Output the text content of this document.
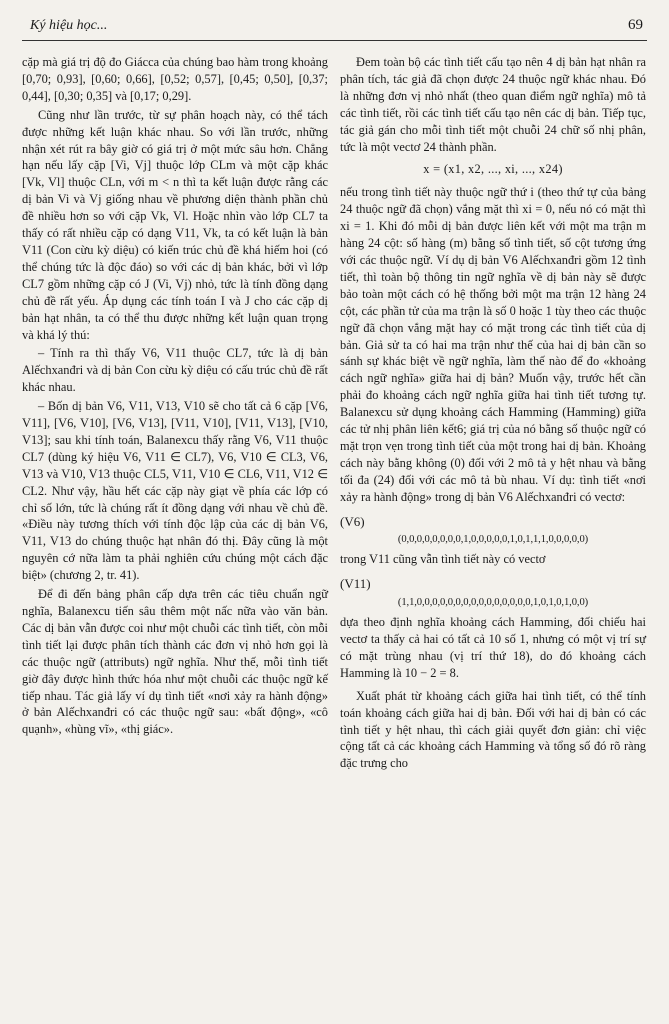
Ký hiệu học...	69

cặp mà giá trị độ đo Giácca của chúng bao hàm trong khoảng [0,70; 0,93], [0,60; 0,66], [0,52; 0,57], [0,45; 0,50], [0,37; 0,44], [0,30; 0,35] và [0,17; 0,29].

Cũng như lần trước, từ sự phân hoạch này, có thể tách được những kết luận khác nhau. So với lần trước, những nhận xét rút ra bây giờ có giá trị ở một mức sâu hơn. Chẳng hạn nếu lấy cặp [Vi, Vj] thuộc lớp CLm và một cặp khác [Vk, Vl] thuộc CLn, với m < n thì ta kết luận được rằng các dị bản Vi và Vj giống nhau về phương diện thành phần chủ đề nhiều hơn so với cặp Vk, Vl. Hoặc nhìn vào lớp CL7 ta thấy có rất nhiều cặp có dạng V11, Vk, ta có kết luận là bản V11 (Con cừu kỳ diệu) có kiến trúc chủ đề khá hiếm hoi (có thể chúng tức là độc đáo) so với các dị bản khác, bởi vì lớp CL7 gồm những cặp có J (Vi, Vj) nhỏ, tức là tính đồng dạng chủ đề rất yếu. Áp dụng các tính toán I và J cho các cặp dị bản hạt nhân, ta có thể thu được những kết luận quan trọng và khá lý thú:

– Tính ra thì thấy V6, V11 thuộc CL7, tức là dị bản Alếchxanđri và dị bản Con cừu kỳ diệu có cấu trúc chủ đề rất khác nhau.

– Bốn dị bản V6, V11, V13, V10 sẽ cho tất cả 6 cặp [V6, V11], [V6, V10], [V6, V13], [V11, V10], [V11, V13], [V10, V13]; sau khi tính toán, Balanexcu thấy rằng V6, V11 thuộc CL7 (dùng ký hiệu V6, V11 ∈ CL7), V6, V10 ∈ CL3, V6, V13 và V10, V13 thuộc CL5, V11, V10 ∈ CL6, V11, V12 ∈ CL2. Như vậy, hầu hết các cặp này giạt về phía các lớp có chỉ số lớn, tức là chúng rất ít đồng dạng với nhau về chủ đề. «Điều này tương thích với tính độc lập của các dị bản V6, V11, V13 do chúng thuộc hạt nhân đó thị. Đây cũng là một nguyên cớ nữa làm ta phải nghiên cứu chúng một cách đặc biệt» (chương 2, tr. 41).

Để đi đến bảng phân cấp dựa trên các tiêu chuẩn ngữ nghĩa, Balanexcu tiến sâu thêm một nấc nữa vào văn bản. Các dị bản vẫn được coi như một chuỗi các tình tiết, còn mỗi tình tiết lại được phân tích thành các đơn vị nhỏ hơn gọi là các thuộc ngữ (attributs) ngữ nghĩa. Như thế, mỗi tình tiết giờ đây được hình thức hóa như một chuỗi các thuộc ngữ kế tiếp nhau. Tác giả lấy ví dụ tình tiết «nơi xảy ra hành động» ở bản Alếchxanđri có các thuộc ngữ sau: «bất động», «cô quạnh», «hùng vĩ», «thị giác».

Đem toàn bộ các tình tiết cấu tạo nên 4 dị bản hạt nhân ra phân tích, tác giả đã chọn được 24 thuộc ngữ khác nhau. Đó là những đơn vị nhỏ nhất (theo quan điểm ngữ nghĩa) mô tả các tình tiết, rồi các tình tiết cấu tạo nên các dị bản. Tiếp tục, tác giả gán cho mỗi tình tiết một chuỗi 24 chữ số nhị phân, tức là một vectơ 24 thành phần.

x = (x1, x2, ..., xi, ..., x24)

nếu trong tình tiết này thuộc ngữ thứ i (theo thứ tự của bảng 24 thuộc ngữ đã chọn) vắng mặt thì xi = 0, nếu nó có mặt thì xi = 1. Khi đó mỗi dị bản được liên kết với một ma trận m hàng 24 cột: số hàng (m) bằng số tình tiết, số cột tương ứng với các thuộc ngữ. Ví dụ dị bản V6 Alếchxanđri gồm 12 tình tiết, thì toàn bộ thông tin ngữ nghĩa về dị bản này sẽ được bảo toàn một cách có hệ thống bởi một ma trận 12 hàng 24 cột, các phần tử của ma trận là số 0 hoặc 1 tùy theo các thuộc ngữ đã chọn vắng mặt hay có mặt trong các tình tiết của dị bản. Giả sử ta có hai ma trận như thế của hai dị bản cần so sánh sự khác biệt về ngữ nghĩa, làm thế nào để đo «khoảng cách ngữ nghĩa» giữa hai dị bản? Muốn vậy, trước hết cần phải đo khoảng cách ngữ nghĩa giữa hai tình tiết tương tự. Balanexcu sử dụng khoảng cách Hamming (Hamming) giữa các tử nhị phân liên kết6; giá trị của nó bằng số thuộc ngữ có mặt trọn vẹn trong tình tiết của một trong hai dị bản. Khoảng cách này bằng không (0) đối với 2 mô tả y hệt nhau và bằng tối đa (24) đối với các mô tả bù nhau. Ví dụ: tình tiết «nơi xảy ra hành động» trong dị bản V6 Alếchxanđri có vectơ:

(V6)

(0,0,0,0,0,0,0,0,1,0,0,0,0,0,1,0,1,1,1,0,0,0,0,0)

trong V11 cũng vẫn tình tiết này có vectơ

(V11)

(1,1,0,0,0,0,0,0,0,0,0,0,0,0,0,0,0,1,0,1,0,1,0,0)

dựa theo định nghĩa khoảng cách Hamming, đối chiếu hai vectơ ta thấy cả hai có tất cả 10 số 1, nhưng có một vị trí sự có mặt trùng nhau (vị trí thứ 18), do đó khoảng cách Hamming là 10 − 2 = 8.

Xuất phát từ khoảng cách giữa hai tình tiết, có thể tính toán khoảng cách giữa hai dị bản. Đối với hai dị bản có các tình tiết y hệt nhau, thì cách giải quyết đơn giản: chỉ việc cộng tất cả các khoảng cách Hamming và tổng số đó rõ ràng đặc trưng cho
